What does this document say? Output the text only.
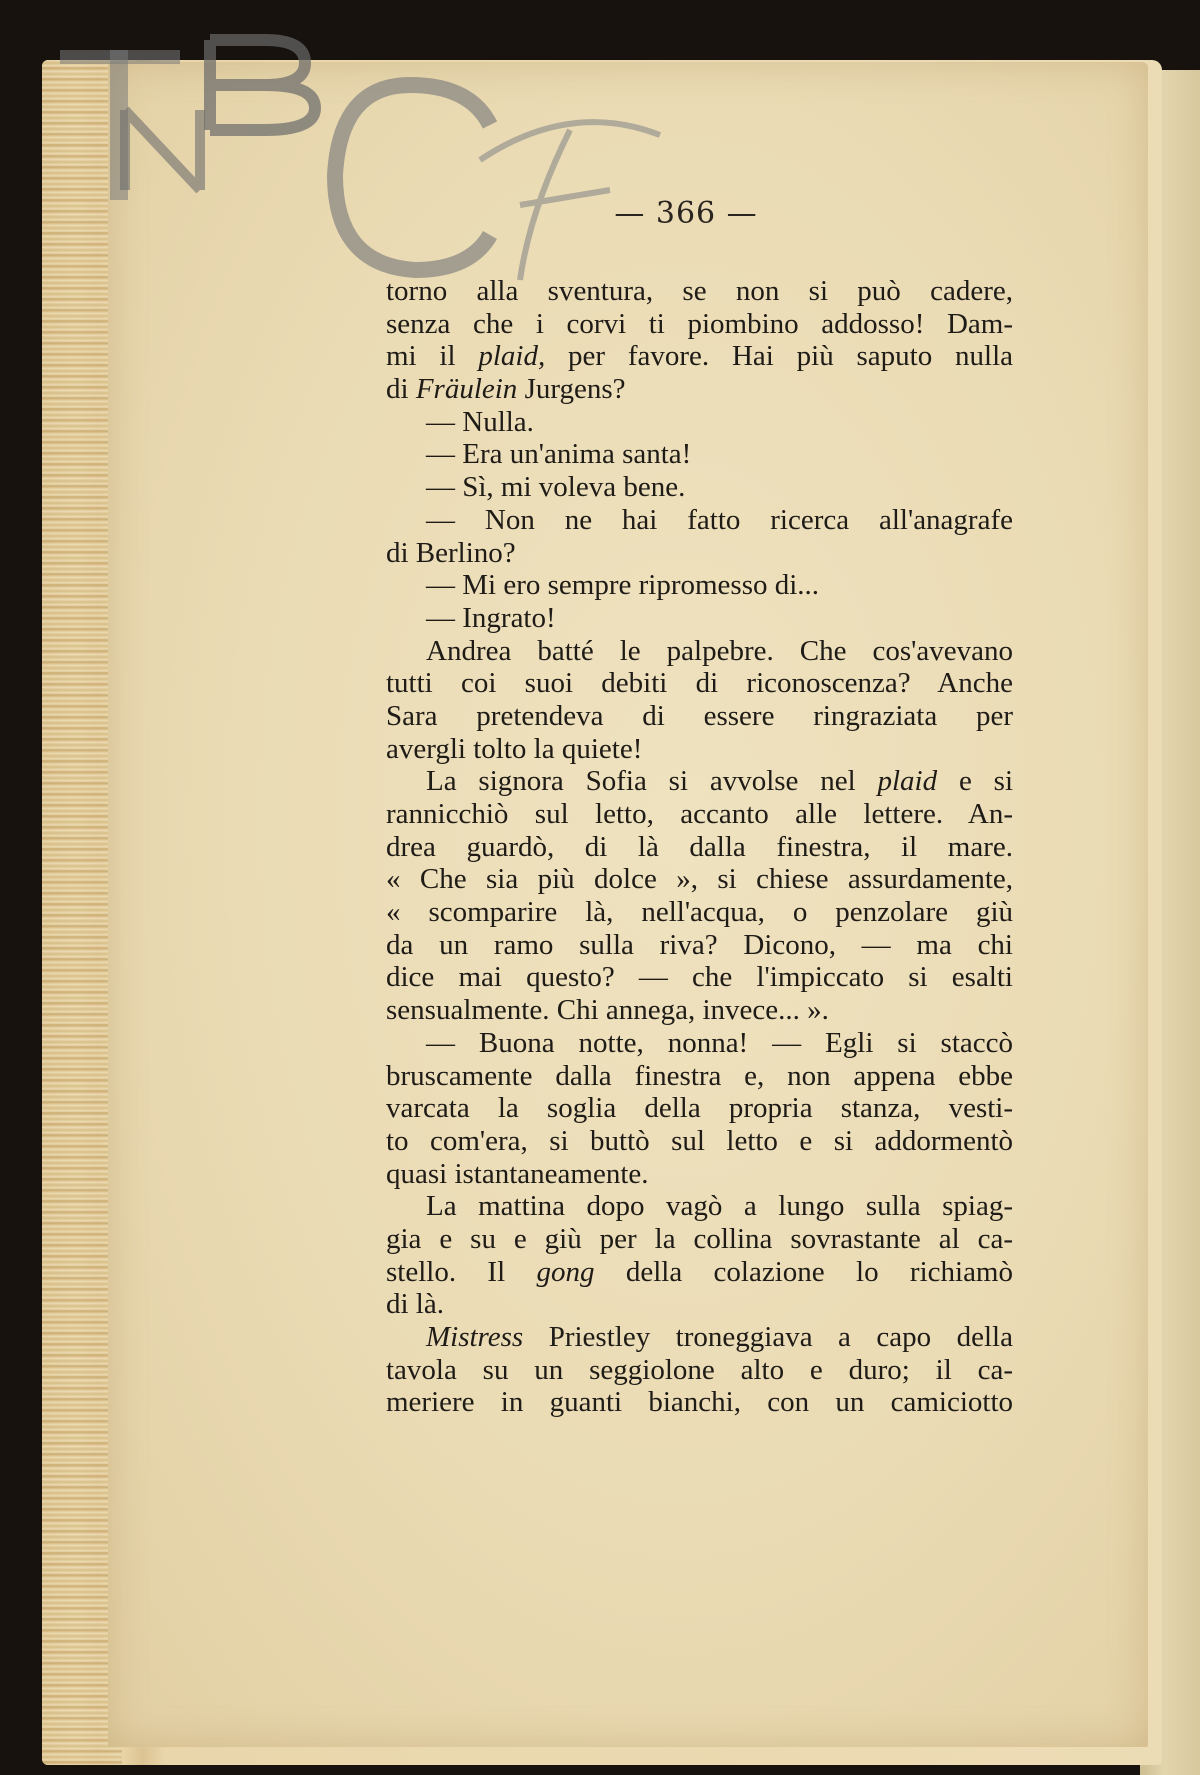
— 366 —
torno alla sventura, se non si può cadere,
senza che i corvi ti piombino addosso! Dam-
mi il plaid, per favore. Hai più saputo nulla
di Fräulein Jurgens?
— Nulla.
— Era un'anima santa!
— Sì, mi voleva bene.
— Non ne hai fatto ricerca all'anagrafe
di Berlino?
— Mi ero sempre ripromesso di...
— Ingrato!
Andrea batté le palpebre. Che cos'avevano
tutti coi suoi debiti di riconoscenza? Anche
Sara pretendeva di essere ringraziata per
avergli tolto la quiete!
La signora Sofia si avvolse nel plaid e si
rannicchiò sul letto, accanto alle lettere. An-
drea guardò, di là dalla finestra, il mare.
« Che sia più dolce », si chiese assurdamente,
« scomparire là, nell'acqua, o penzolare giù
da un ramo sulla riva? Dicono, — ma chi
dice mai questo? — che l'impiccato si esalti
sensualmente. Chi annega, invece... ».
— Buona notte, nonna! — Egli si staccò
bruscamente dalla finestra e, non appena ebbe
varcata la soglia della propria stanza, vesti-
to com'era, si buttò sul letto e si addormentò
quasi istantaneamente.
La mattina dopo vagò a lungo sulla spiag-
gia e su e giù per la collina sovrastante al ca-
stello. Il gong della colazione lo richiamò
di là.
Mistress Priestley troneggiava a capo della
tavola su un seggiolone alto e duro; il ca-
meriere in guanti bianchi, con un camiciotto
